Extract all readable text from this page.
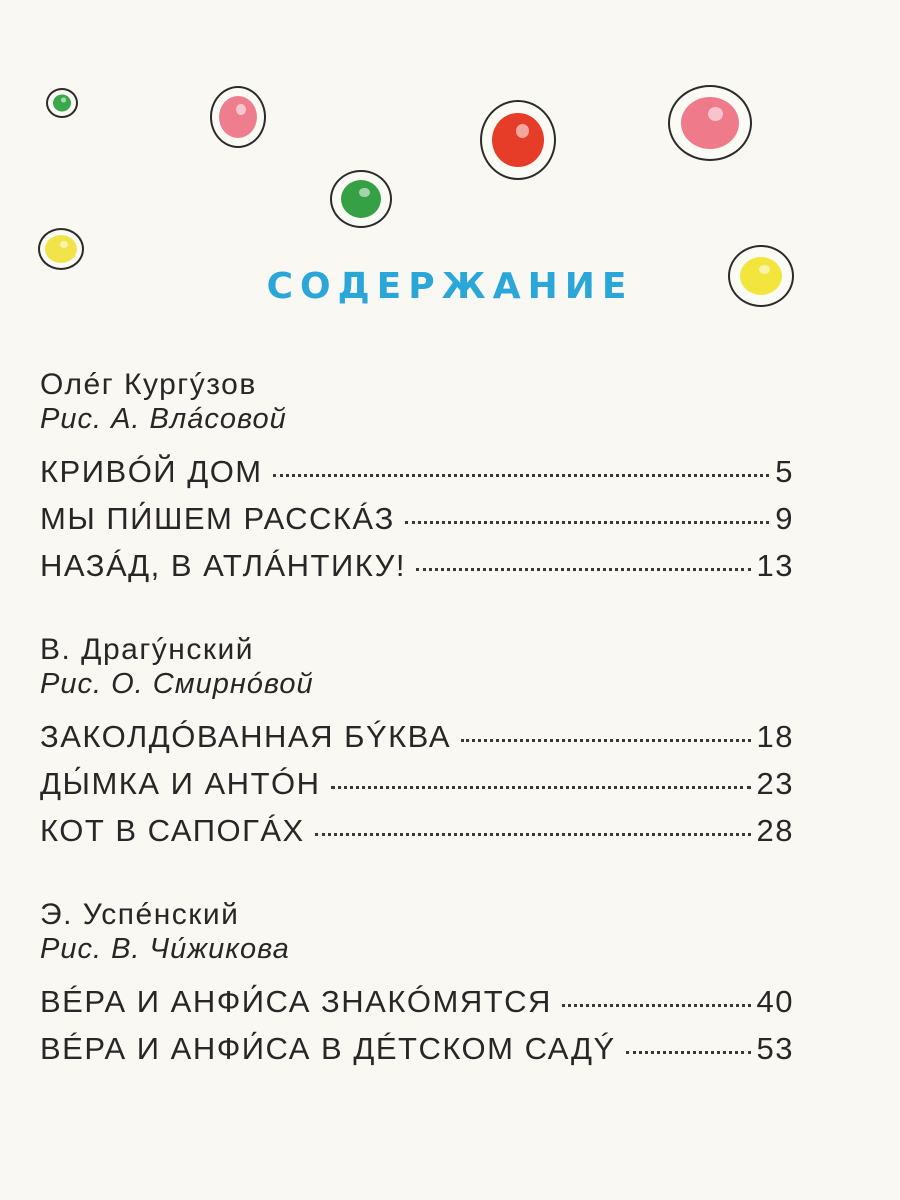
СОДЕРЖАНИЕ
Олéг Кургýзов
Рис. А. Влáсовой
КРИВÓЙ ДОМ	5
МЫ ПИ́ШЕМ РАССКÁЗ	9
НАЗÁД, В АТЛÁНТИКУ!	13
В. Драгýнский
Рис. О. Смирнóвой
ЗАКОЛДÓВАННАЯ БÝКВА	18
ДЫ́МКА И АНТÓН	23
КОТ В САПОГÁХ	28
Э. Успéнский
Рис. В. Чи́жикова
ВÉРА И АНФИ́СА ЗНАКÓМЯТСЯ	40
ВÉРА И АНФИ́СА В ДÉТСКОМ САДÝ	53
